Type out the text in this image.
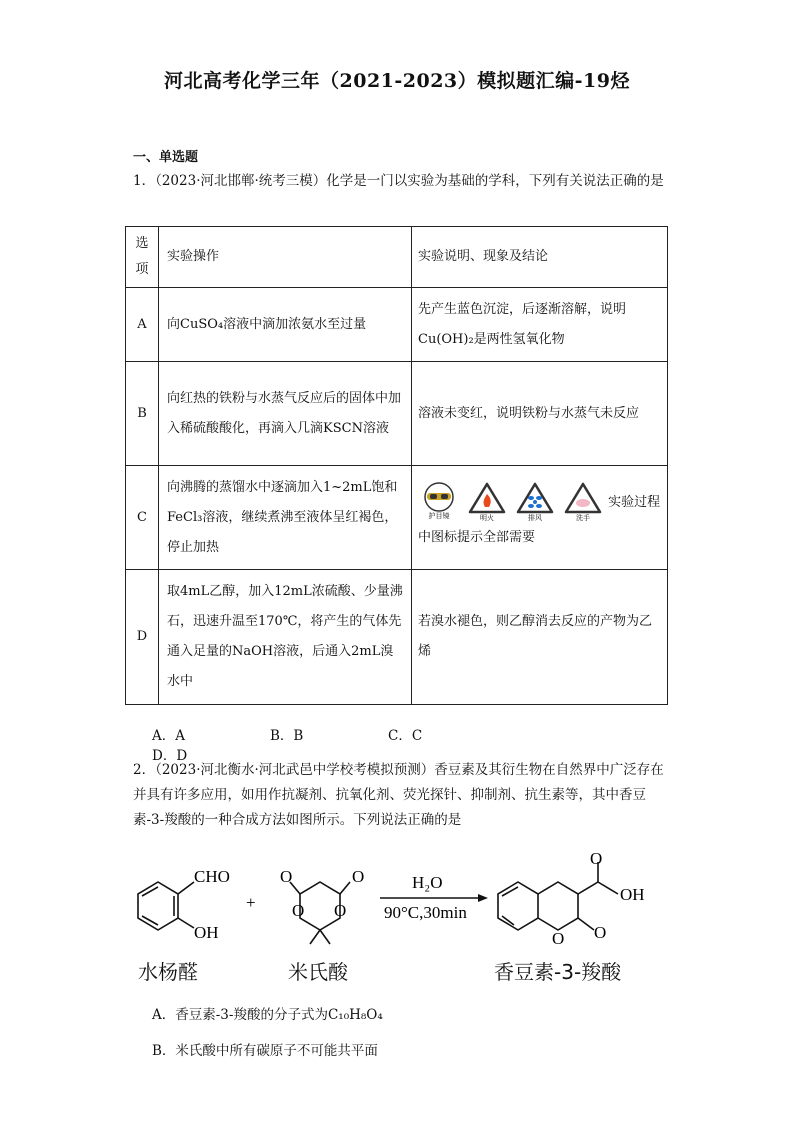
河北高考化学三年（2021-2023）模拟题汇编-19烃
一、单选题
1．（2023·河北邯郸·统考三模）化学是一门以实验为基础的学科，下列有关说法正确的是
选项	实验操作	实验说明、现象及结论
A	向CuSO₄溶液中滴加浓氨水至过量	先产生蓝色沉淀，后逐渐溶解，说明Cu(OH)₂是两性氢氧化物
B	向红热的铁粉与水蒸气反应后的固体中加入稀硫酸酸化，再滴入几滴KSCN溶液	溶液未变红，说明铁粉与水蒸气未反应
C	向沸腾的蒸馏水中逐滴加入1~2mL饱和FeCl₃溶液，继续煮沸至液体呈红褐色，停止加热	护目镜 明火 排风 洗手
实验过程中图标提示全部需要
D	取4mL乙醇，加入12mL浓硫酸、少量沸石，迅速升温至170℃，将产生的气体先通入足量的NaOH溶液，后通入2mL溴水中	若溴水褪色，则乙醇消去反应的产物为乙烯
A．A	B．B	C．CD．D
2．（2023·河北衡水·河北武邑中学校考模拟预测）香豆素及其衍生物在自然界中广泛存在并具有许多应用，如用作抗凝剂、抗氧化剂、荧光探针、抑制剂、抗生素等，其中香豆素-3-羧酸的一种合成方法如图所示。下列说法正确的是
CHO
OH
+
O	O
O O
H₂O
90°C,30min
O
OH
O O
水杨醛	米氏酸	香豆素-3-羧酸
A．香豆素-3-羧酸的分子式为C₁₀H₈O₄
B．米氏酸中所有碳原子不可能共平面
